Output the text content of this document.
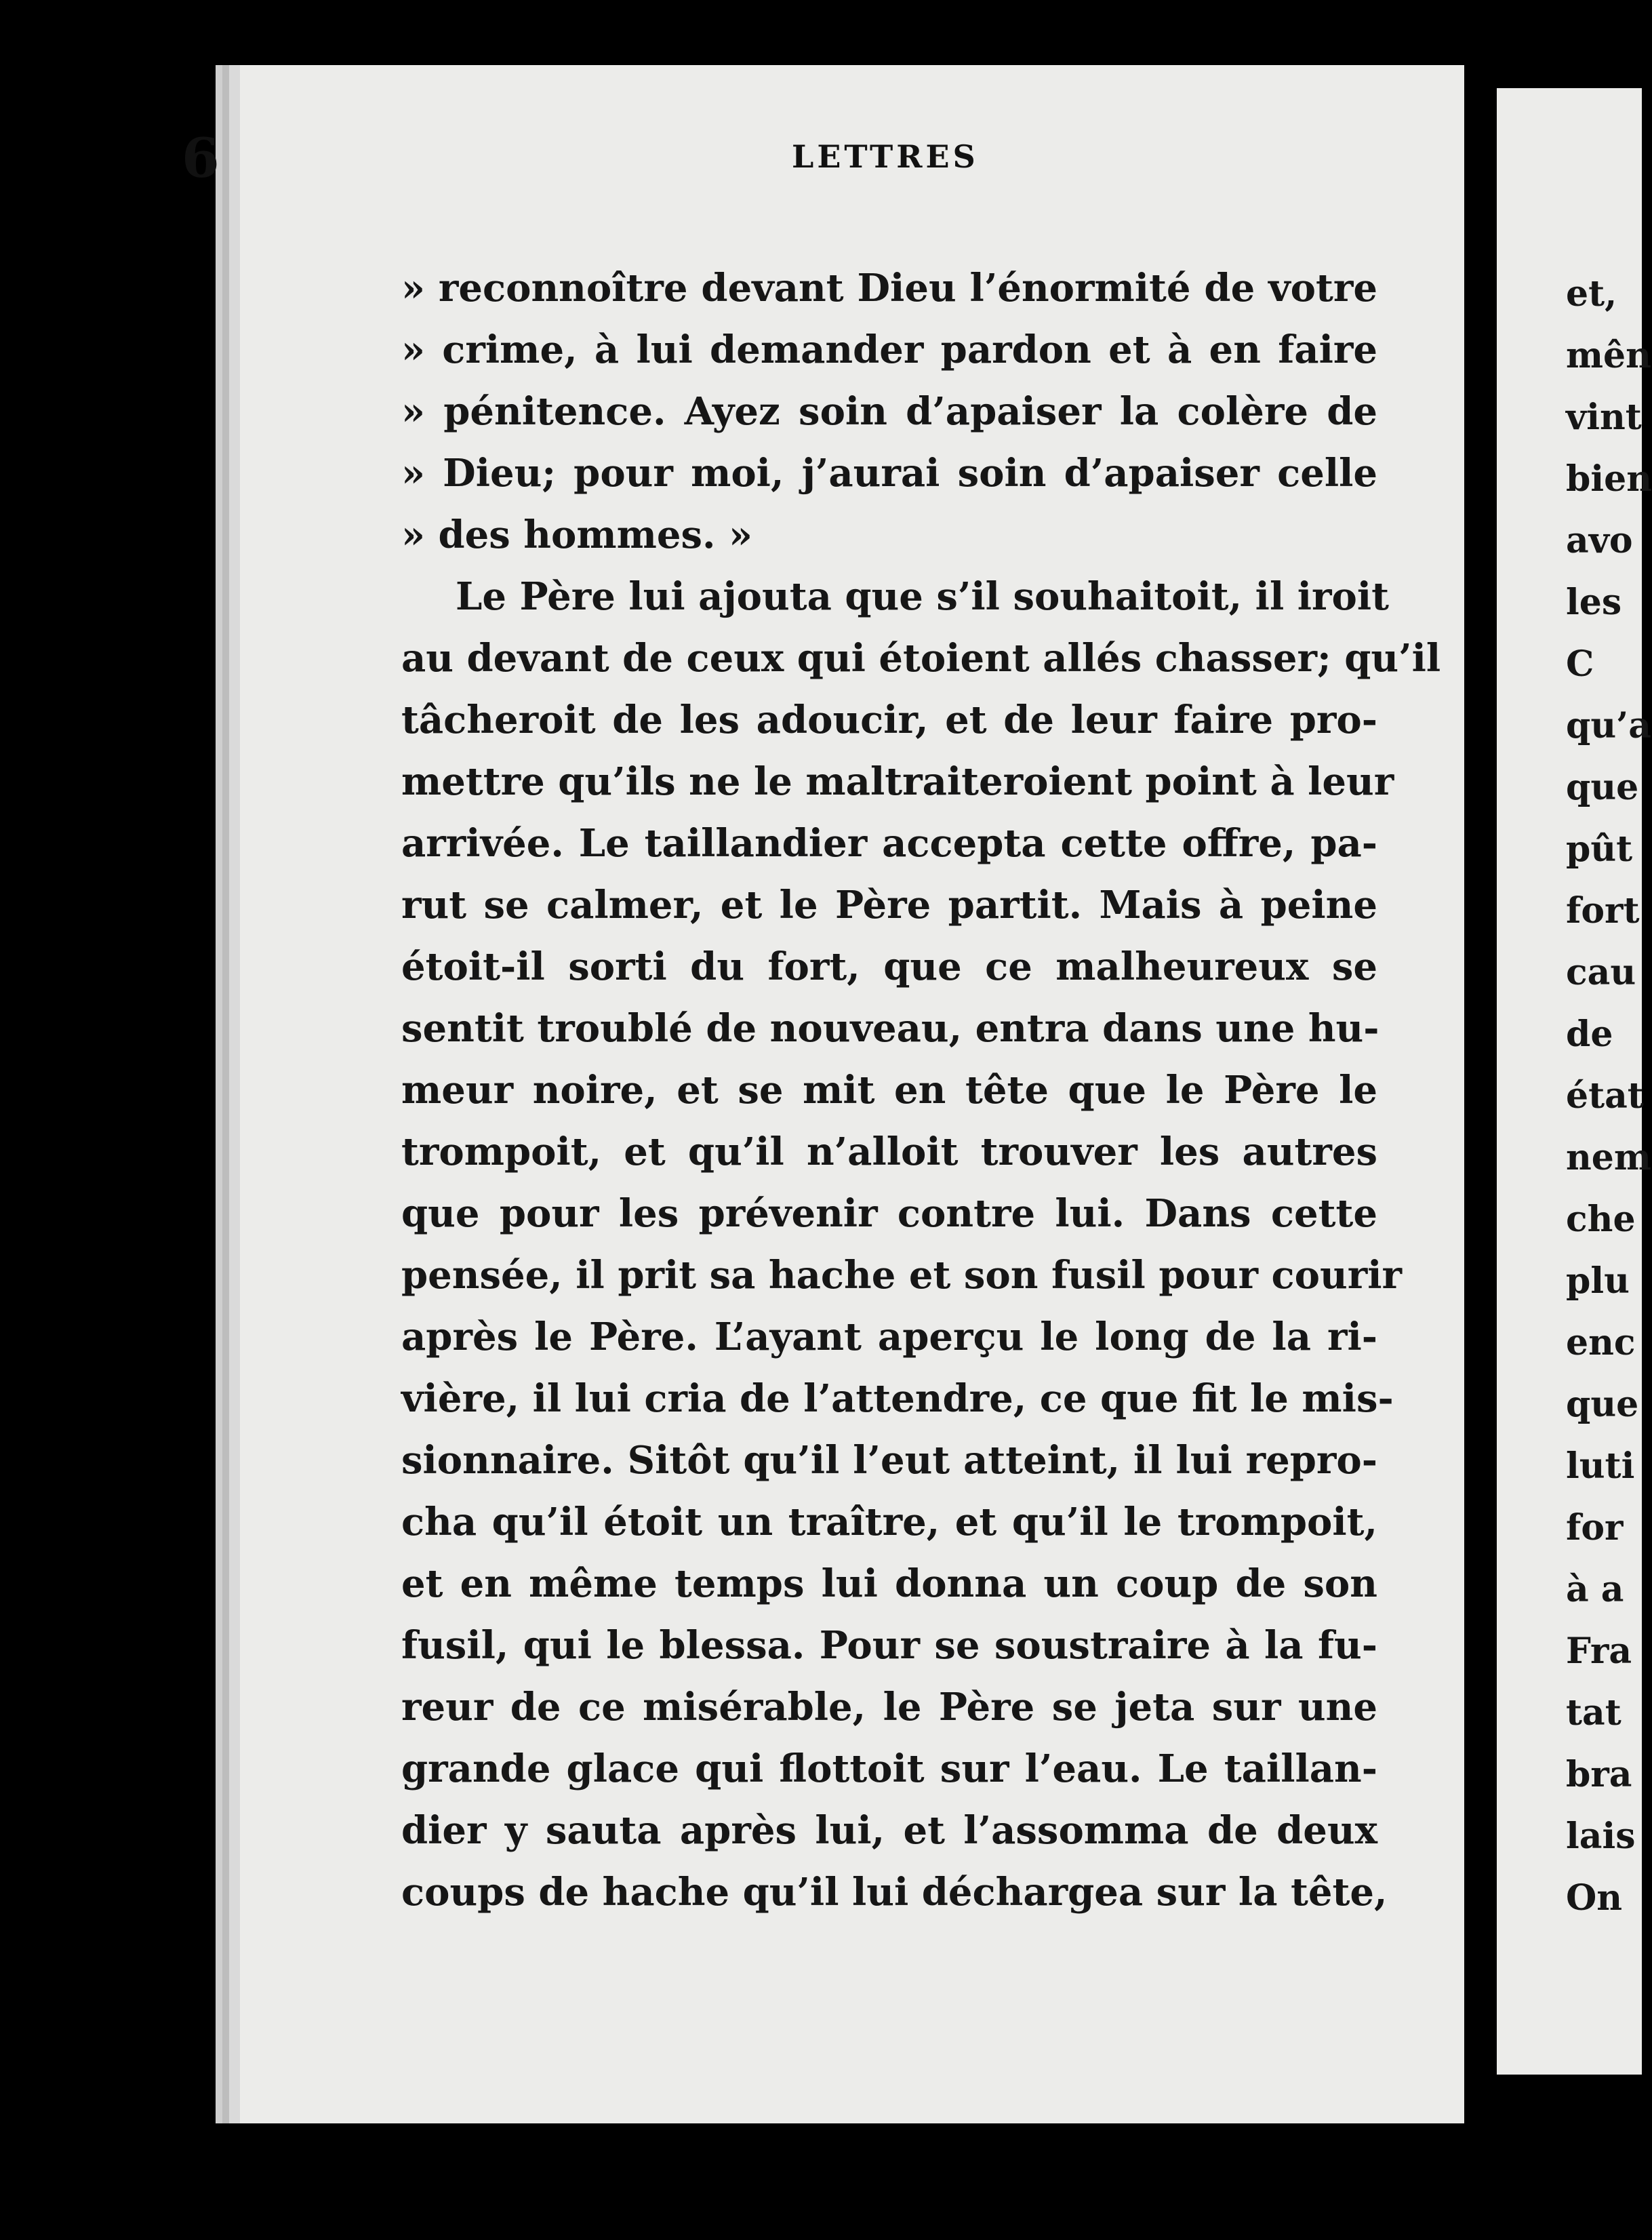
6	LETTRES
» reconnoître devant Dieu l’énormité de votre
» crime, à lui demander pardon et à en faire
» pénitence. Ayez soin d’apaiser la colère de
» Dieu; pour moi, j’aurai soin d’apaiser celle
» des hommes. »
Le Père lui ajouta que s’il souhaitoit, il iroit
au devant de ceux qui étoient allés chasser; qu’il
tâcheroit de les adoucir, et de leur faire pro-
mettre qu’ils ne le maltraiteroient point à leur
arrivée. Le taillandier accepta cette offre, pa-
rut se calmer, et le Père partit. Mais à peine
étoit-il sorti du fort, que ce malheureux se
sentit troublé de nouveau, entra dans une hu-
meur noire, et se mit en tête que le Père le
trompoit, et qu’il n’alloit trouver les autres
que pour les prévenir contre lui. Dans cette
pensée, il prit sa hache et son fusil pour courir
après le Père. L’ayant aperçu le long de la ri-
vière, il lui cria de l’attendre, ce que fit le mis-
sionnaire. Sitôt qu’il l’eut atteint, il lui repro-
cha qu’il étoit un traître, et qu’il le trompoit,
et en même temps lui donna un coup de son
fusil, qui le blessa. Pour se soustraire à la fu-
reur de ce misérable, le Père se jeta sur une
grande glace qui flottoit sur l’eau. Le taillan-
dier y sauta après lui, et l’assomma de deux
coups de hache qu’il lui déchargea sur la tête,
et,
mên
vint
bien
avo
les
C
qu’a
que
pût
fort
cau
de
état
nem
che
plu
enc
que
luti
for
à a
Fra
tat
bra
lais
On
